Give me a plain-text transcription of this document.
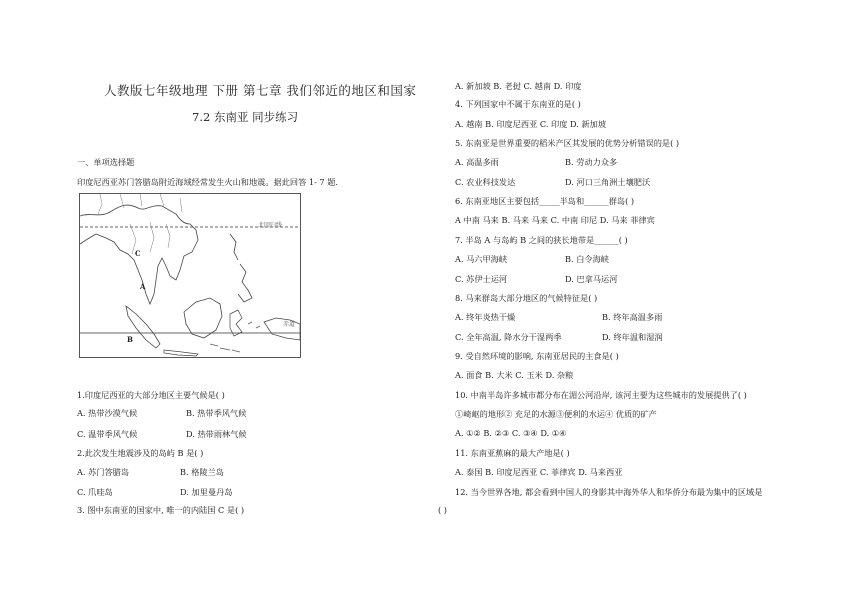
人教版七年级地理 下册 第七章 我们邻近的地区和国家
7.2 东南亚 同步练习
一、单项选择题
印度尼西亚苏门答腊岛附近海域经常发生火山和地震。据此回答 1- 7 题.
北回归线
赤道
A
B
C
1.印度尼西亚的大部分地区主要气候是( )
A. 热带沙漠气候	B. 热带季风气候
C. 温带季风气候	D. 热带雨林气候
2.此次发生地震涉及的岛屿 B 是( )
A. 苏门答腊岛	B. 格陵兰岛
C. 爪哇岛	D. 加里曼丹岛
3. 图中东南亚的国家中, 唯一的内陆国 C 是( )	( )
A. 新加坡 B. 老挝 C. 越南 D. 印度
4. 下列国家中不属于东南亚的是( )
A. 越南 B. 印度尼西亚 C. 印度 D. 新加坡
5. 东南亚是世界重要的稻米产区其发展的优势分析错误的是( )
A. 高温多雨	B. 劳动力众多
C. 农业科技发达	D. 河口三角洲土壤肥沃
6. 东南亚地区主要包括_____半岛和______群岛( )
A 中南 马来 B. 马来 马来 C. 中南 印尼 D. 马来 菲律宾
7. 半岛 A 与岛屿 B 之间的狭长地带是______( )
A. 马六甲海峡	B. 白令海峡
C. 苏伊士运河	D. 巴拿马运河
8. 马来群岛大部分地区的气候特征是( )
A. 终年炎热干燥	B. 终年高温多雨
C. 全年高温, 降水分干湿两季	D. 终年温和湿润
9. 受自然环境的影响, 东南亚居民的主食是( )
A. 面食 B. 大米 C. 玉米 D. 杂粮
10. 中南半岛许多城市都分布在湄公河沿岸, 该河主要为这些城市的发展提供了( )
①崎岖的地形② 充足的水源③便利的水运④ 优质的矿产
A. ①② B. ②③ C. ③④ D. ①④
11. 东南亚蕉麻的最大产地是( )
A. 泰国 B. 印度尼西亚 C. 菲律宾 D. 马来西亚
12. 当今世界各地, 都会看到中国人的身影其中海外华人和华侨分布最为集中的区域是
